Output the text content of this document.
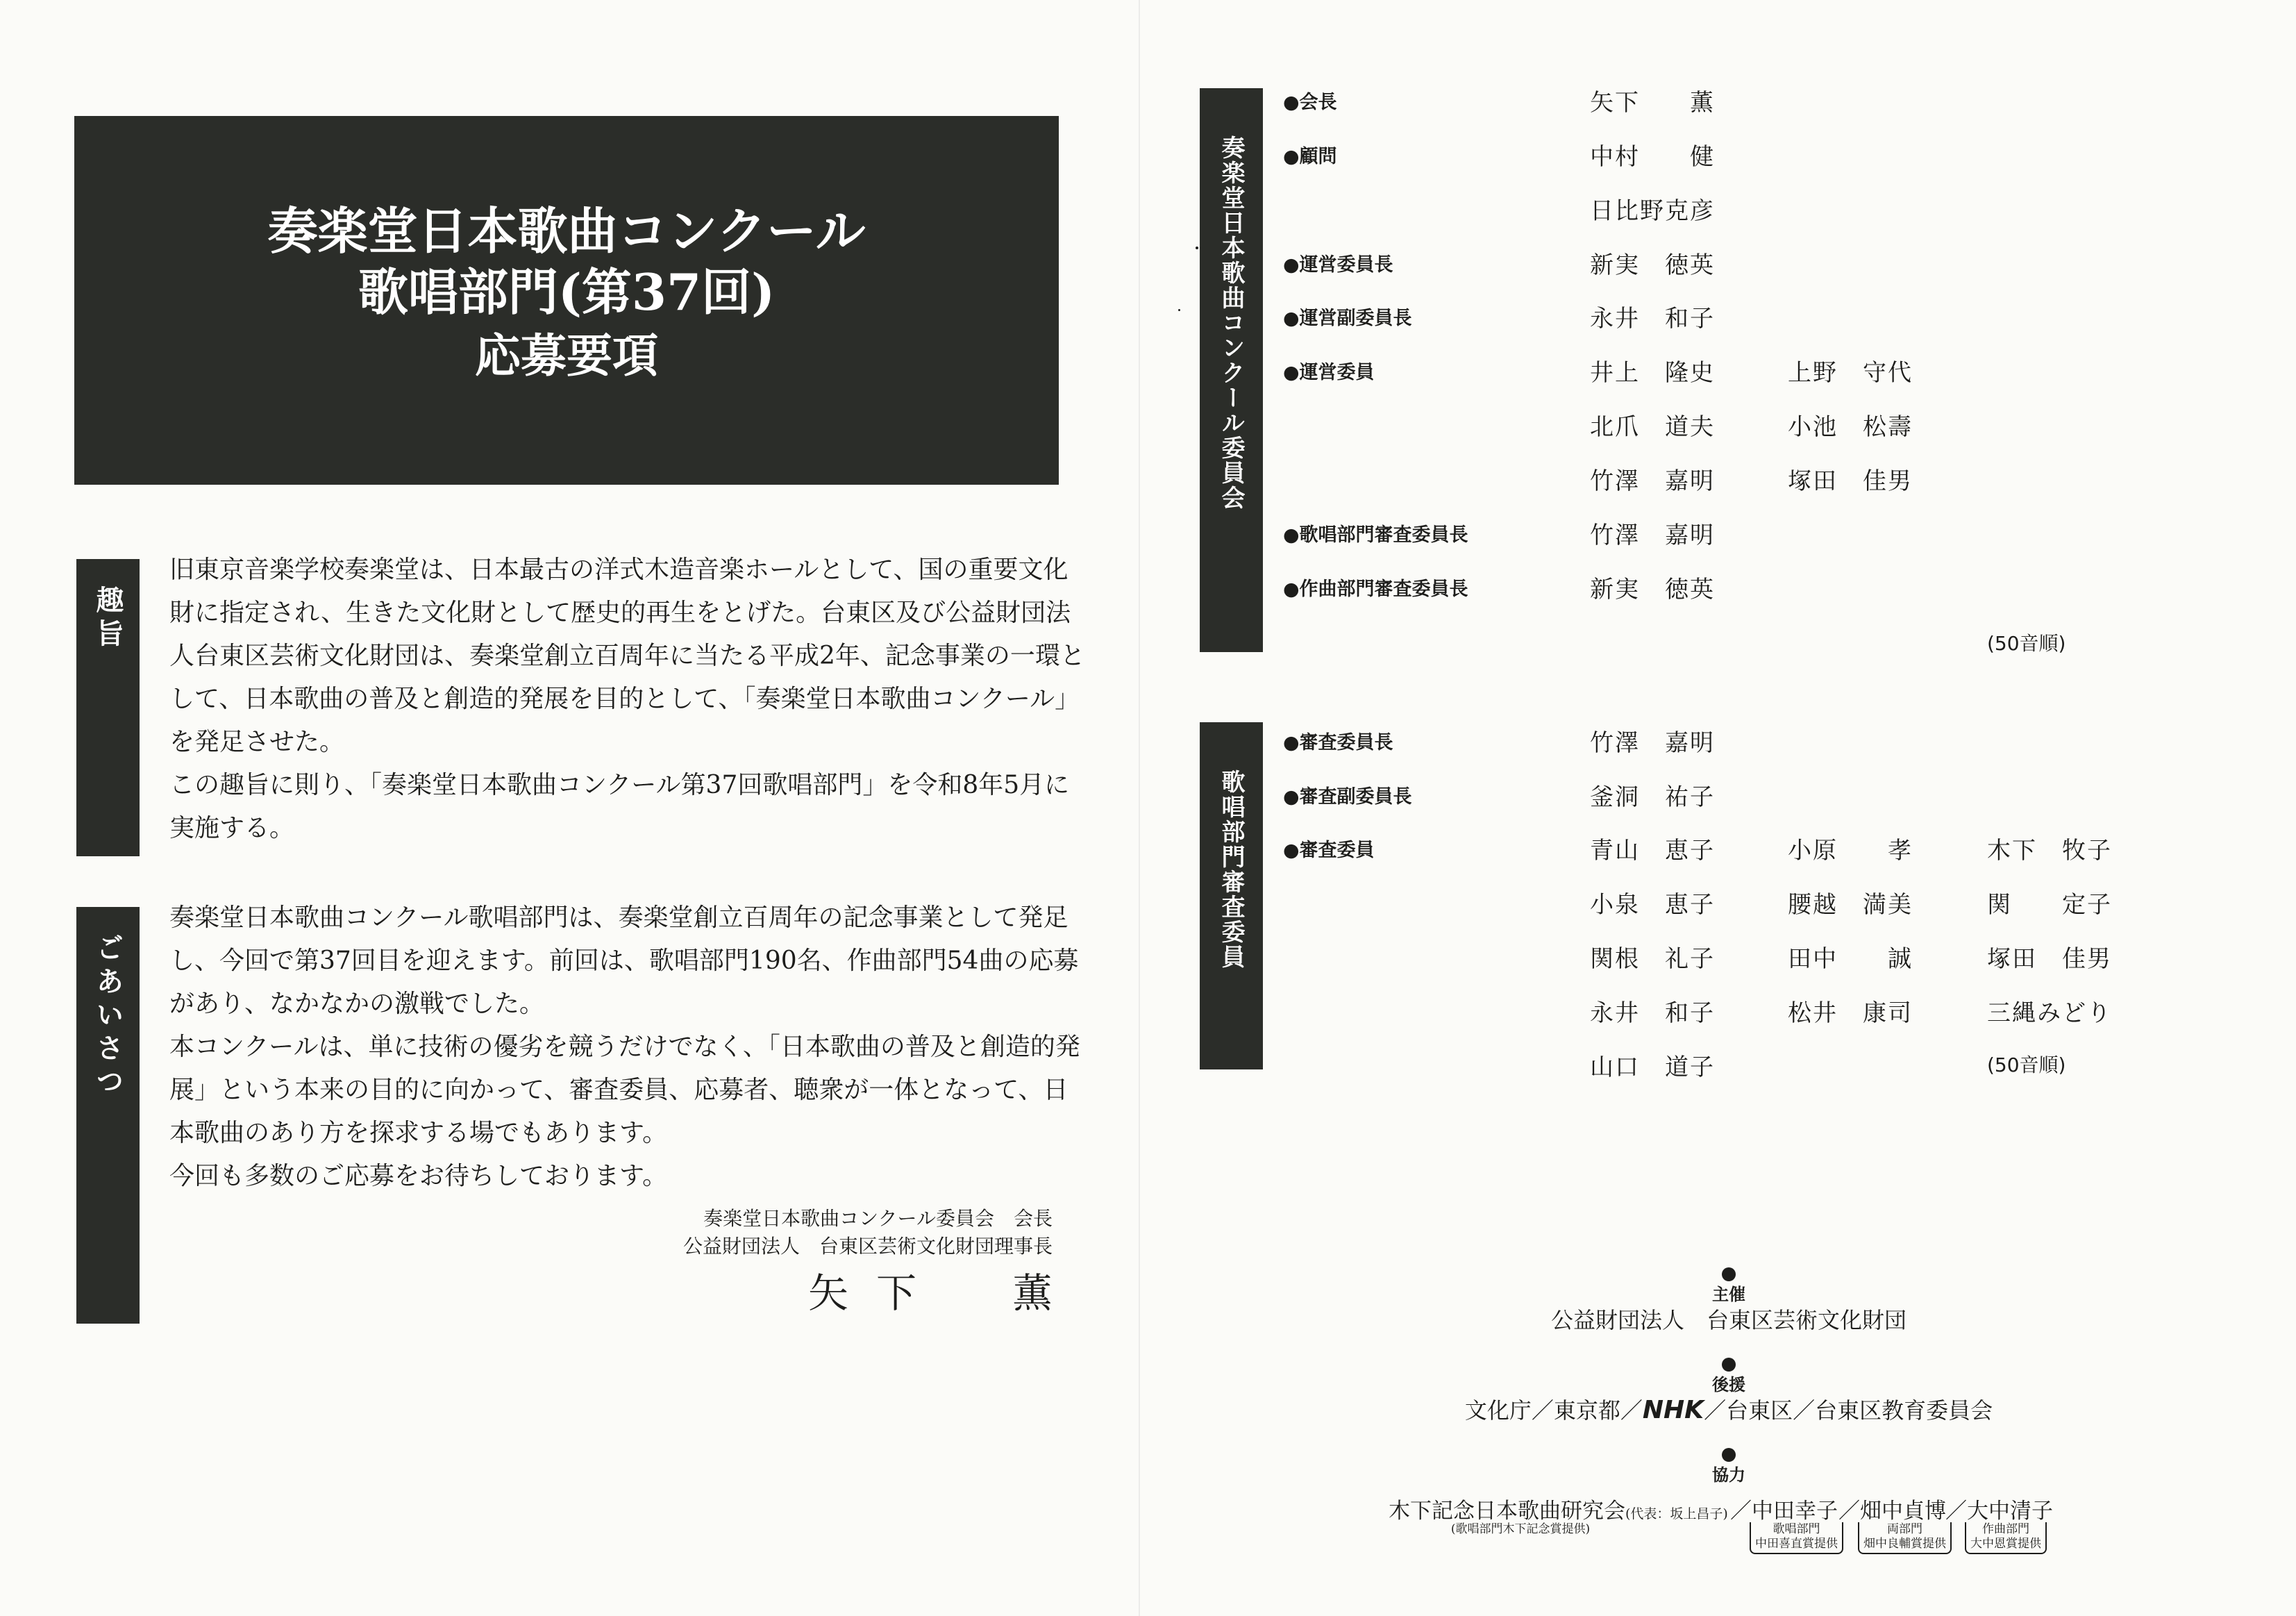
奏楽堂日本歌曲コンクール
歌唱部門(第37回)
応募要項
趣旨

旧東京音楽学校奏楽堂は、日本最古の洋式木造音楽ホールとして、国の重要文化財に指定され、生きた文化財として歴史的再生をとげた。台東区及び公益財団法人台東区芸術文化財団は、奏楽堂創立百周年に当たる平成2年、記念事業の一環として、日本歌曲の普及と創造的発展を目的として、「奏楽堂日本歌曲コンクール」を発足させた。

この趣旨に則り、「奏楽堂日本歌曲コンクール第37回歌唱部門」を令和8年5月に実施する。

ごあいさつ

奏楽堂日本歌曲コンクール歌唱部門は、奏楽堂創立百周年の記念事業として発足し、今回で第37回目を迎えます。前回は、歌唱部門190名、作曲部門54曲の応募があり、なかなかの激戦でした。

本コンクールは、単に技術の優劣を競うだけでなく、「日本歌曲の普及と創造的発展」という本来の目的に向かって、審査委員、応募者、聴衆が一体となって、日本歌曲のあり方を探求する場でもあります。

今回も多数のご応募をお待ちしております。

奏楽堂日本歌曲コンクール委員会　会長
公益財団法人　台東区芸術文化財団理事長
矢下　薫
奏楽堂日本歌曲コンクール委員会
●会長	矢下　　薫
●顧問	中村　　健
日比野克彦
●運営委員長	新実　徳英
●運営副委員長	永井　和子
●運営委員	井上　隆史	上野　守代
北爪　道夫	小池　松壽
竹澤　嘉明	塚田　佳男
●歌唱部門審査委員長	竹澤　嘉明
●作曲部門審査委員長	新実　徳英
(50音順)
歌唱部門審査委員
●審査委員長	竹澤　嘉明
●審査副委員長	釜洞　祐子
●審査委員	青山　恵子	小原　　孝	木下　牧子
小泉　恵子	腰越　満美	関　　定子
関根　礼子	田中　　誠	塚田　佳男
永井　和子	松井　康司	三縄みどり
山口　道子	(50音順)
主催
公益財団法人　台東区芸術文化財団
後援
文化庁／東京都／NHK／台東区／台東区教育委員会
協力
木下記念日本歌曲研究会(代表：坂上昌子)
(歌唱部門木下記念賞提供)
／中田幸子
歌唱部門
中田喜直賞提供
／畑中貞博
両部門
畑中良輔賞提供
／大中清子
作曲部門
大中恩賞提供
